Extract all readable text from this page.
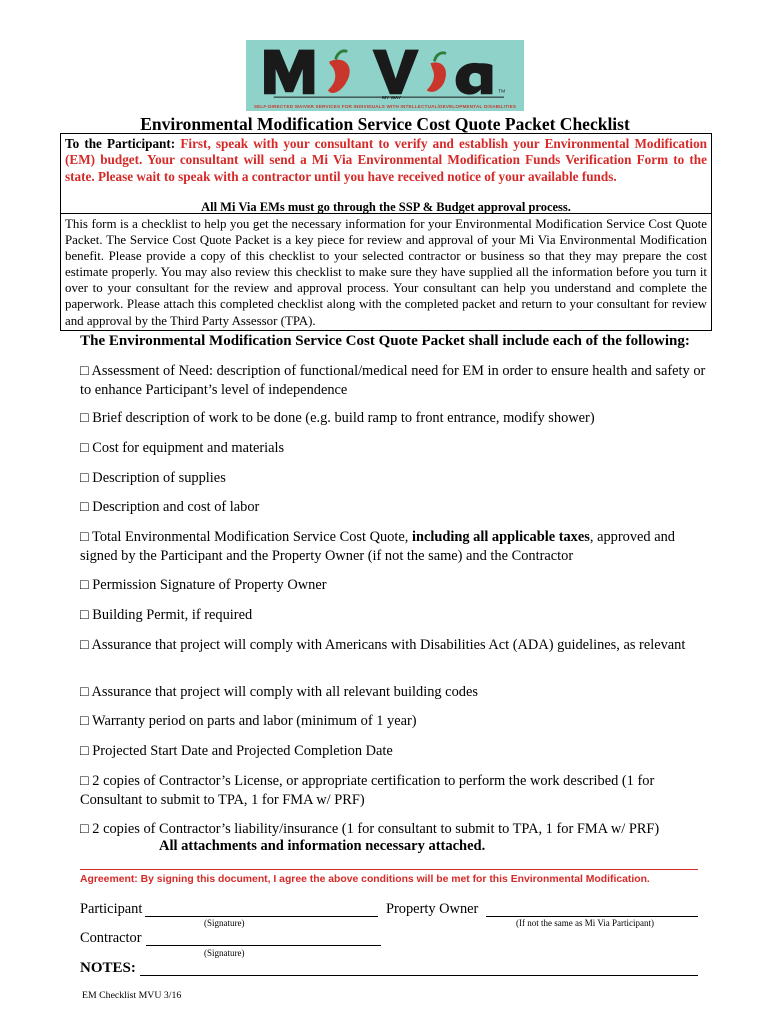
TM
MY WAY
SELF-DIRECTED WAIVER SERVICES FOR INDIVIDUALS WITH INTELLECTUAL/DEVELOPMENTAL DISABILITIES
Environmental Modification Service Cost Quote Packet Checklist
To the Participant: First, speak with your consultant to verify and establish your Environmental Modification (EM) budget. Your consultant will send a Mi Via Environmental Modification Funds Verification Form to the state. Please wait to speak with a contractor until you have received notice of your available funds.
All Mi Via EMs must go through the SSP & Budget approval process.
This form is a checklist to help you get the necessary information for your Environmental Modification Service Cost Quote Packet. The Service Cost Quote Packet is a key piece for review and approval of your Mi Via Environmental Modification benefit. Please provide a copy of this checklist to your selected contractor or business so that they may prepare the cost estimate properly. You may also review this checklist to make sure they have supplied all the information before you turn it over to your consultant for the review and approval process. Your consultant can help you understand and complete the paperwork. Please attach this completed checklist along with the completed packet and return to your consultant for review and approval by the Third Party Assessor (TPA).
The Environmental Modification Service Cost Quote Packet shall include each of the following:
□ Assessment of Need: description of functional/medical need for EM in order to ensure health and safety or to enhance Participant’s level of independence
□ Brief description of work to be done (e.g. build ramp to front entrance, modify shower)
□ Cost for equipment and materials
□ Description of supplies
□ Description and cost of labor
□ Total Environmental Modification Service Cost Quote, including all applicable taxes, approved and signed by the Participant and the Property Owner (if not the same) and the Contractor
□ Permission Signature of Property Owner
□ Building Permit, if required
□ Assurance that project will comply with Americans with Disabilities Act (ADA) guidelines, as relevant
□ Assurance that project will comply with all relevant building codes
□ Warranty period on parts and labor (minimum of 1 year)
□ Projected Start Date and Projected Completion Date
□ 2 copies of Contractor’s License, or appropriate certification to perform the work described (1 for Consultant to submit to TPA, 1 for FMA w/ PRF)
□ 2 copies of Contractor’s liability/insurance (1 for consultant to submit to TPA, 1 for FMA w/ PRF)
All attachments and information necessary attached.
Agreement: By signing this document, I agree the above conditions will be met for this Environmental Modification.
Participant
(Signature)
Property Owner
(If not the same as Mi Via Participant)
Contractor
(Signature)
NOTES:
EM Checklist MVU 3/16
